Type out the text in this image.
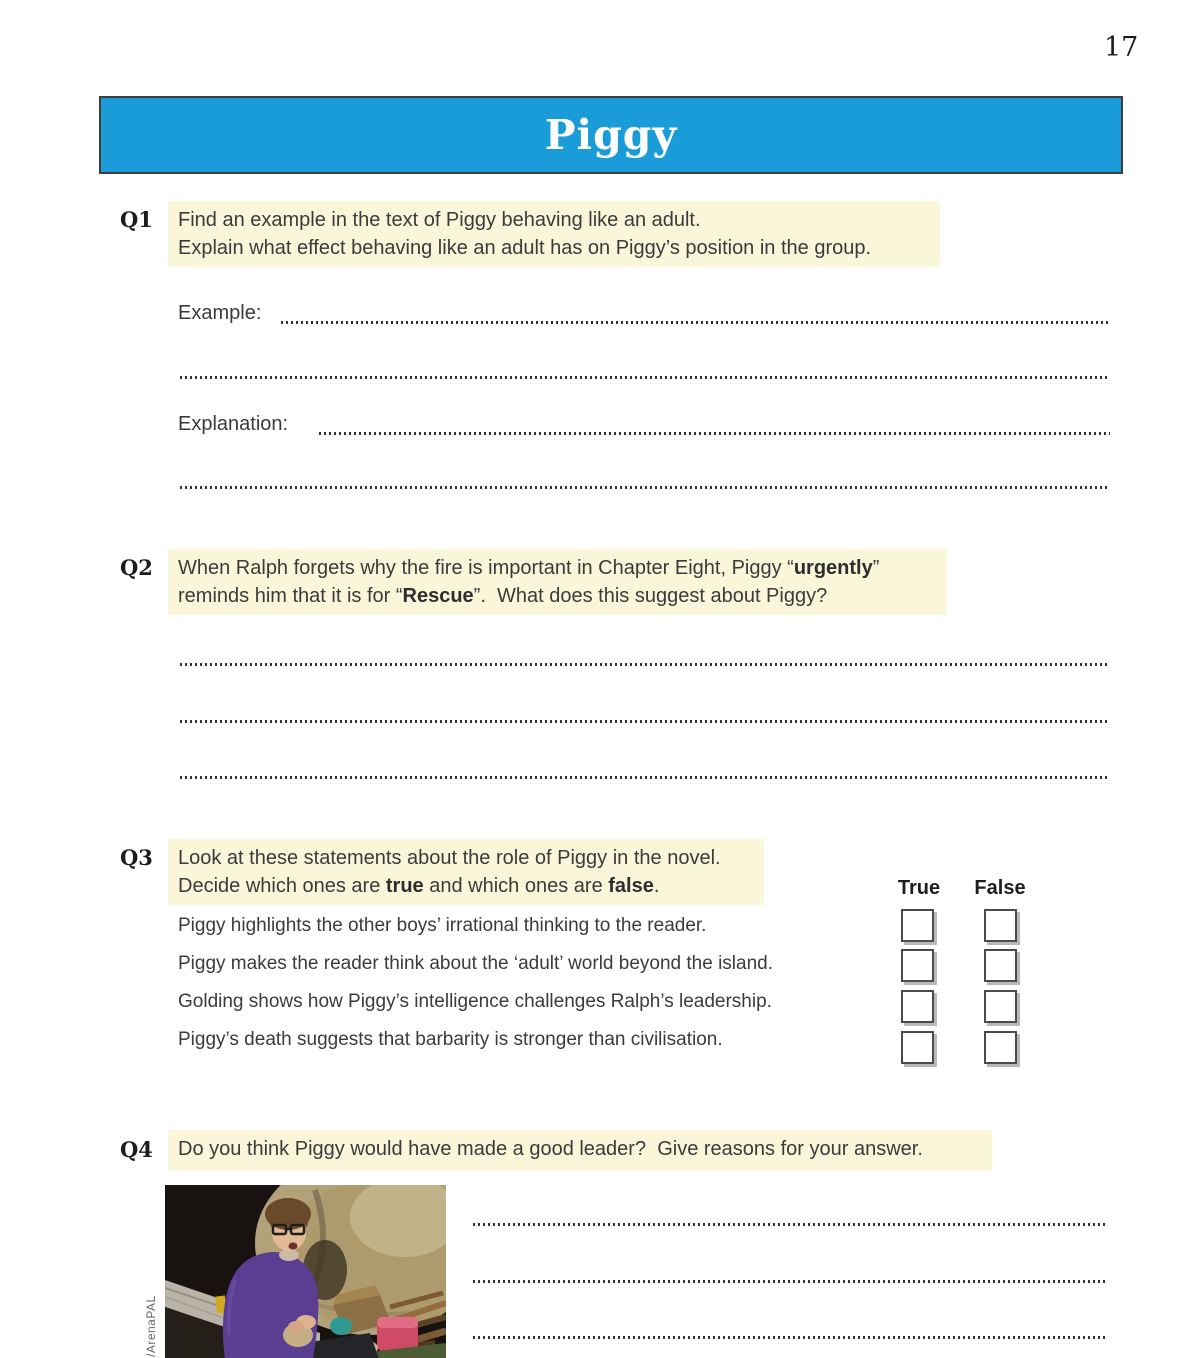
17
Piggy
Q1 Find an example in the text of Piggy behaving like an adult.
Explain what effect behaving like an adult has on Piggy’s position in the group.
Example:
Explanation:
Q2 When Ralph forgets why the fire is important in Chapter Eight, Piggy “urgently”
reminds him that it is for “Rescue”.  What does this suggest about Piggy?
Q3 Look at these statements about the role of Piggy in the novel.
Decide which ones are true and which ones are false.	True False
Piggy highlights the other boys’ irrational thinking to the reader.
Piggy makes the reader think about the ‘adult’ world beyond the island.
Golding shows how Piggy’s intelligence challenges Ralph’s leadership.
Piggy’s death suggests that barbarity is stronger than civilisation.
Q4 Do you think Piggy would have made a good leader?  Give reasons for your answer.
/ArenaPAL
